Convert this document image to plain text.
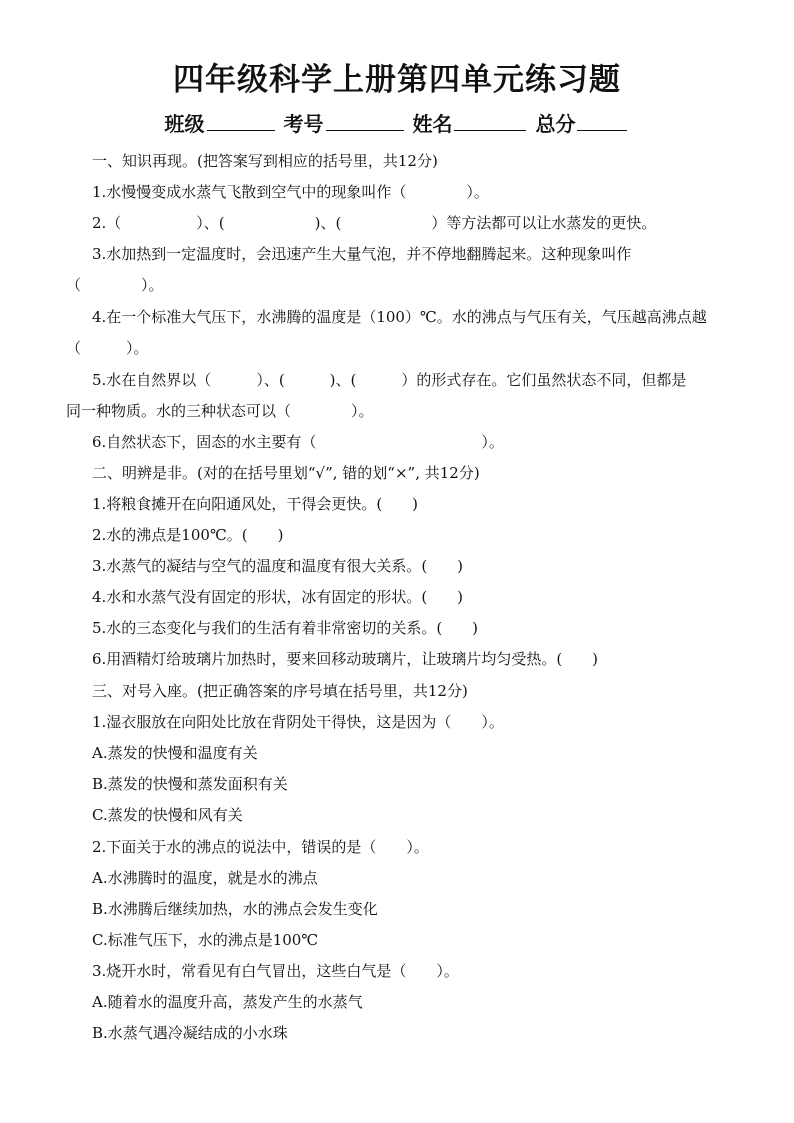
四年级科学上册第四单元练习题
班级	考号	姓名	总分
一、知识再现。(把答案写到相应的括号里，共12分)
1.水慢慢变成水蒸气飞散到空气中的现象叫作（　　　　）。
2.（　　　　　）、(　　　　　　)、(　　　　　　）等方法都可以让水蒸发的更快。
3.水加热到一定温度时，会迅速产生大量气泡，并不停地翻腾起来。这种现象叫作
（　　　　）。
4.在一个标准大气压下，水沸腾的温度是（100）℃。水的沸点与气压有关，气压越高沸点越
（　　　）。
5.水在自然界以（　　　）、(　　　)、(　　　）的形式存在。它们虽然状态不同，但都是
同一种物质。水的三种状态可以（　　　　）。
6.自然状态下，固态的水主要有（　　　　　　　　　　　）。
二、明辨是非。(对的在括号里划“√”, 错的划“×”, 共12分)
1.将粮食摊开在向阳通风处，干得会更快。(　　)
2.水的沸点是100℃。(　　)
3.水蒸气的凝结与空气的温度和温度有很大关系。(　　)
4.水和水蒸气没有固定的形状，冰有固定的形状。(　　)
5.水的三态变化与我们的生活有着非常密切的关系。(　　)
6.用酒精灯给玻璃片加热时，要来回移动玻璃片，让玻璃片均匀受热。(　　)
三、对号入座。(把正确答案的序号填在括号里，共12分)
1.湿衣服放在向阳处比放在背阴处干得快，这是因为（　　）。
A.蒸发的快慢和温度有关
B.蒸发的快慢和蒸发面积有关
C.蒸发的快慢和风有关
2.下面关于水的沸点的说法中，错误的是（　　）。
A.水沸腾时的温度，就是水的沸点
B.水沸腾后继续加热，水的沸点会发生变化
C.标准气压下，水的沸点是100℃
3.烧开水时，常看见有白气冒出，这些白气是（　　）。
A.随着水的温度升高，蒸发产生的水蒸气
B.水蒸气遇冷凝结成的小水珠
